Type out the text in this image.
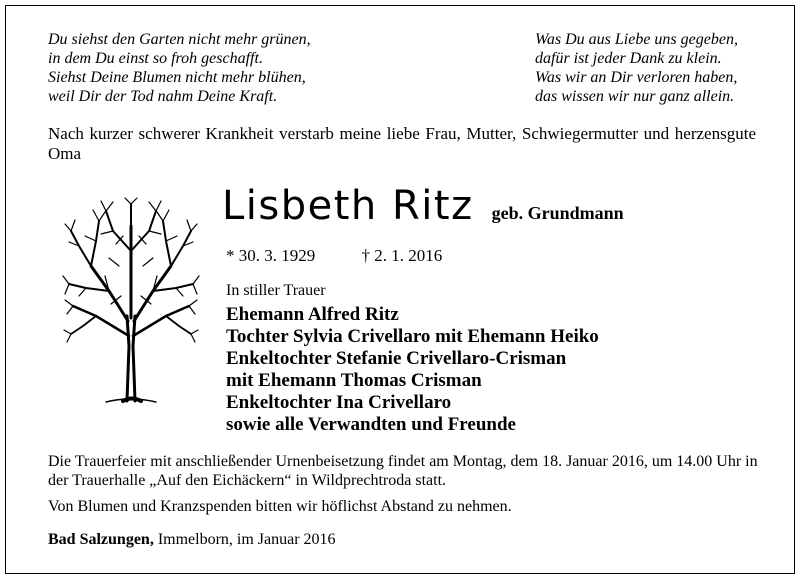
Du siehst den Garten nicht mehr grünen,
in dem Du einst so froh geschafft.
Siehst Deine Blumen nicht mehr blühen,
weil Dir der Tod nahm Deine Kraft.
Was Du aus Liebe uns gegeben,
dafür ist jeder Dank zu klein.
Was wir an Dir verloren haben,
das wissen wir nur ganz allein.
Nach kurzer schwerer Krankheit verstarb meine liebe Frau, Mutter, Schwiegermutter und herzensgute Oma
Lisbeth Ritz geb. Grundmann
* 30. 3. 1929	† 2. 1. 2016
In stiller Trauer
Ehemann Alfred Ritz
Tochter Sylvia Crivellaro mit Ehemann Heiko
Enkeltochter Stefanie Crivellaro-Crisman
mit Ehemann Thomas Crisman
Enkeltochter Ina Crivellaro
sowie alle Verwandten und Freunde
Die Trauerfeier mit anschließender Urnenbeisetzung findet am Montag, dem 18. Januar 2016, um 14.00 Uhr in der Trauerhalle „Auf den Eichäckern“ in Wildprechtroda statt.
Von Blumen und Kranzspenden bitten wir höflichst Abstand zu nehmen.
Bad Salzungen, Immelborn, im Januar 2016
